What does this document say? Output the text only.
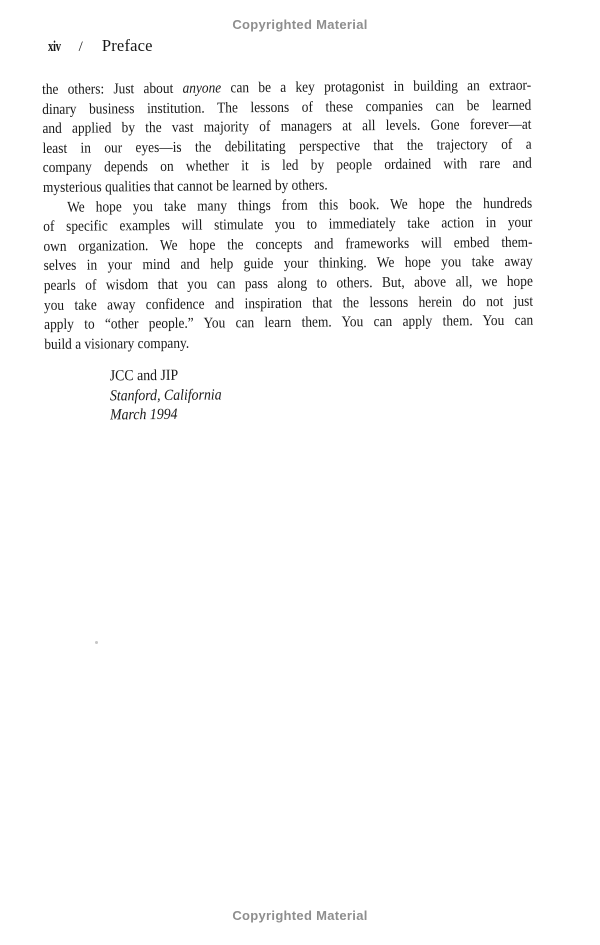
Copyrighted Material
xiv / Preface
the others: Just about anyone can be a key protagonist in building an extraor-
dinary business institution. The lessons of these companies can be learned
and applied by the vast majority of managers at all levels. Gone forever—at
least in our eyes—is the debilitating perspective that the trajectory of a
company depends on whether it is led by people ordained with rare and
mysterious qualities that cannot be learned by others.
We hope you take many things from this book. We hope the hundreds
of specific examples will stimulate you to immediately take action in your
own organization. We hope the concepts and frameworks will embed them-
selves in your mind and help guide your thinking. We hope you take away
pearls of wisdom that you can pass along to others. But, above all, we hope
you take away confidence and inspiration that the lessons herein do not just
apply to “other people.” You can learn them. You can apply them. You can
build a visionary company.
JCC and JIP
Stanford, California
March 1994
Copyrighted Material
